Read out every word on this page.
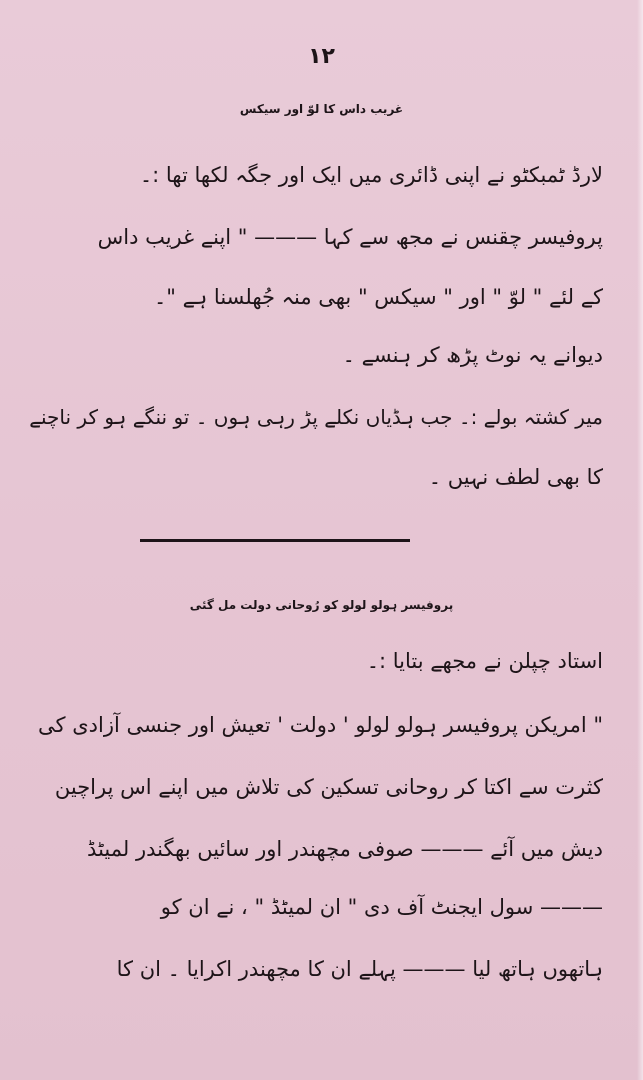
۱۲
غریب داس کا لوّ اور سیکس
لارڈ ٹمبکٹو نے اپنی ڈائری میں ایک اور جگہ لکھا تھا :۔
پروفیسر چقنس نے مجھ سے کہا ——— " اپنے غریب داس
کے لئے " لوّ " اور " سیکس " بھی منہ جُھلسنا ہے "۔
دیوانے یہ نوٹ پڑھ کر ہنسے ۔
میر کشتہ بولے :۔ جب ہڈیاں نکلے پڑ رہی ہوں ۔ تو ننگے ہو کر ناچنے
کا بھی لطف نہیں ۔
پروفیسر ہولو لولو کو رُوحانی دولت مل گئی
استاد چپلن نے مجھے بتایا :۔
" امریکن پروفیسر ہولو لولو ' دولت ' تعیش اور جنسی آزادی کی
کثرت سے اکتا کر روحانی تسکین کی تلاش میں اپنے اس پراچین
دیش میں آئے ——— صوفی مچھندر اور سائیں بھگندر لمیٹڈ
——— سول ایجنٹ آف دی " ان لمیٹڈ " ، نے ان کو
ہاتھوں ہاتھ لیا ——— پہلے ان کا مچھندر اکرایا ۔ ان کا
